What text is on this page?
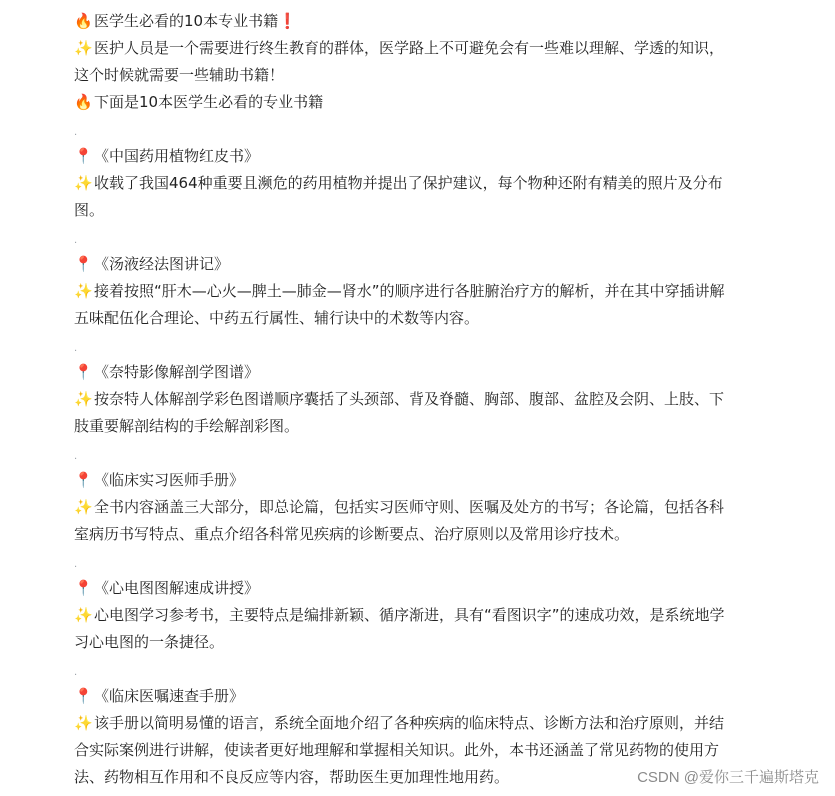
🔥医学生必看的10本专业书籍❗
✨医护人员是一个需要进行终生教育的群体，医学路上不可避免会有一些难以理解、学透的知识，
这个时候就需要一些辅助书籍！
🔥下面是10本医学生必看的专业书籍
·
📍《中国药用植物红皮书》
✨收载了我国464种重要且濒危的药用植物并提出了保护建议，每个物种还附有精美的照片及分布
图。
·
📍《汤液经法图讲记》
✨接着按照“肝木—心火—脾土—肺金—肾水”的顺序进行各脏腑治疗方的解析，并在其中穿插讲解
五味配伍化合理论、中药五行属性、辅行诀中的术数等内容。
·
📍《奈特影像解剖学图谱》
✨按奈特人体解剖学彩色图谱顺序囊括了头颈部、背及脊髓、胸部、腹部、盆腔及会阴、上肢、下
肢重要解剖结构的手绘解剖彩图。
·
📍《临床实习医师手册》
✨全书内容涵盖三大部分，即总论篇，包括实习医师守则、医嘱及处方的书写；各论篇，包括各科
室病历书写特点、重点介绍各科常见疾病的诊断要点、治疗原则以及常用诊疗技术。
·
📍《心电图图解速成讲授》
✨心电图学习参考书，主要特点是编排新颖、循序渐进，具有“看图识字”的速成功效，是系统地学
习心电图的一条捷径。
·
📍《临床医嘱速查手册》
✨该手册以简明易懂的语言，系统全面地介绍了各种疾病的临床特点、诊断方法和治疗原则，并结
合实际案例进行讲解，使读者更好地理解和掌握相关知识。此外，本书还涵盖了常见药物的使用方
法、药物相互作用和不良反应等内容，帮助医生更加理性地用药。	CSDN @爱你三千遍斯塔克
